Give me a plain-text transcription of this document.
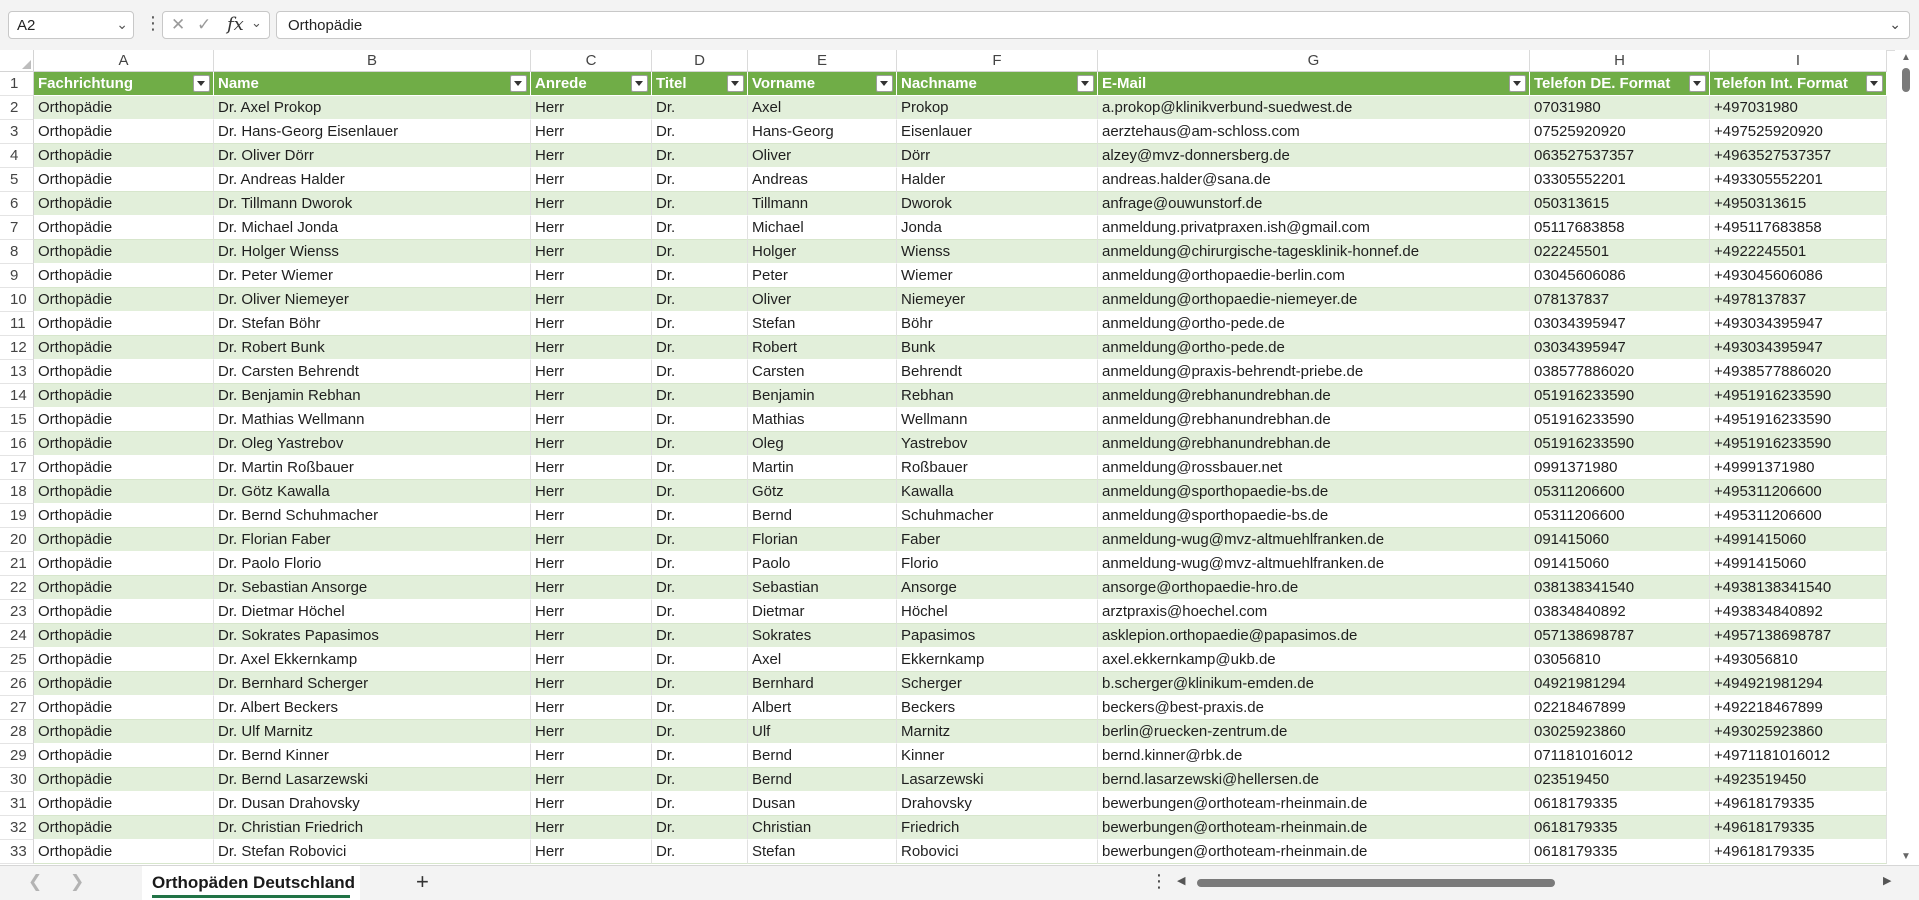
A2	⌄ ⋮ ✕ ✓ fx ⌄ Orthopädie	⌄
A	B	C	D	E	F	G	H	I
1	Fachrichtung	Name	Anrede	Titel	Vorname	Nachname	E-Mail	Telefon DE. Format	Telefon Int. Format
2	Orthopädie	Dr. Axel Prokop	Herr	Dr.	Axel	Prokop	a.prokop@klinikverbund-suedwest.de	07031980	+497031980
3	Orthopädie	Dr. Hans-Georg Eisenlauer	Herr	Dr.	Hans-Georg	Eisenlauer	aerztehaus@am-schloss.com	07525920920	+497525920920
4	Orthopädie	Dr. Oliver Dörr	Herr	Dr.	Oliver	Dörr	alzey@mvz-donnersberg.de	063527537357	+4963527537357
5	Orthopädie	Dr. Andreas Halder	Herr	Dr.	Andreas	Halder	andreas.halder@sana.de	03305552201	+493305552201
6	Orthopädie	Dr. Tillmann Dworok	Herr	Dr.	Tillmann	Dworok	anfrage@ouwunstorf.de	050313615	+4950313615
7	Orthopädie	Dr. Michael Jonda	Herr	Dr.	Michael	Jonda	anmeldung.privatpraxen.ish@gmail.com	05117683858	+495117683858
8	Orthopädie	Dr. Holger Wienss	Herr	Dr.	Holger	Wienss	anmeldung@chirurgische-tagesklinik-honnef.de	022245501	+4922245501
9	Orthopädie	Dr. Peter Wiemer	Herr	Dr.	Peter	Wiemer	anmeldung@orthopaedie-berlin.com	03045606086	+493045606086
10 Orthopädie	Dr. Oliver Niemeyer	Herr	Dr.	Oliver	Niemeyer	anmeldung@orthopaedie-niemeyer.de	078137837	+4978137837
11 Orthopädie	Dr. Stefan Böhr	Herr	Dr.	Stefan	Böhr	anmeldung@ortho-pede.de	03034395947	+493034395947
12 Orthopädie	Dr. Robert Bunk	Herr	Dr.	Robert	Bunk	anmeldung@ortho-pede.de	03034395947	+493034395947
13 Orthopädie	Dr. Carsten Behrendt	Herr	Dr.	Carsten	Behrendt	anmeldung@praxis-behrendt-priebe.de	038577886020	+4938577886020
14 Orthopädie	Dr. Benjamin Rebhan	Herr	Dr.	Benjamin	Rebhan	anmeldung@rebhanundrebhan.de	051916233590	+4951916233590
15 Orthopädie	Dr. Mathias Wellmann	Herr	Dr.	Mathias	Wellmann	anmeldung@rebhanundrebhan.de	051916233590	+4951916233590
16 Orthopädie	Dr. Oleg Yastrebov	Herr	Dr.	Oleg	Yastrebov	anmeldung@rebhanundrebhan.de	051916233590	+4951916233590
17 Orthopädie	Dr. Martin Roßbauer	Herr	Dr.	Martin	Roßbauer	anmeldung@rossbauer.net	0991371980	+49991371980
18 Orthopädie	Dr. Götz Kawalla	Herr	Dr.	Götz	Kawalla	anmeldung@sporthopaedie-bs.de	05311206600	+495311206600
19 Orthopädie	Dr. Bernd Schuhmacher	Herr	Dr.	Bernd	Schuhmacher	anmeldung@sporthopaedie-bs.de	05311206600	+495311206600
20 Orthopädie	Dr. Florian Faber	Herr	Dr.	Florian	Faber	anmeldung-wug@mvz-altmuehlfranken.de	091415060	+4991415060
21 Orthopädie	Dr. Paolo Florio	Herr	Dr.	Paolo	Florio	anmeldung-wug@mvz-altmuehlfranken.de	091415060	+4991415060
22 Orthopädie	Dr. Sebastian Ansorge	Herr	Dr.	Sebastian	Ansorge	ansorge@orthopaedie-hro.de	038138341540	+4938138341540
23 Orthopädie	Dr. Dietmar Höchel	Herr	Dr.	Dietmar	Höchel	arztpraxis@hoechel.com	03834840892	+493834840892
24 Orthopädie	Dr. Sokrates Papasimos	Herr	Dr.	Sokrates	Papasimos	asklepion.orthopaedie@papasimos.de	057138698787	+4957138698787
25 Orthopädie	Dr. Axel Ekkernkamp	Herr	Dr.	Axel	Ekkernkamp	axel.ekkernkamp@ukb.de	03056810	+493056810
26 Orthopädie	Dr. Bernhard Scherger	Herr	Dr.	Bernhard	Scherger	b.scherger@klinikum-emden.de	04921981294	+494921981294
27 Orthopädie	Dr. Albert Beckers	Herr	Dr.	Albert	Beckers	beckers@best-praxis.de	02218467899	+492218467899
28 Orthopädie	Dr. Ulf Marnitz	Herr	Dr.	Ulf	Marnitz	berlin@ruecken-zentrum.de	03025923860	+493025923860
29 Orthopädie	Dr. Bernd Kinner	Herr	Dr.	Bernd	Kinner	bernd.kinner@rbk.de	071181016012	+4971181016012
30 Orthopädie	Dr. Bernd Lasarzewski	Herr	Dr.	Bernd	Lasarzewski	bernd.lasarzewski@hellersen.de	023519450	+4923519450
31 Orthopädie	Dr. Dusan Drahovsky	Herr	Dr.	Dusan	Drahovsky	bewerbungen@orthoteam-rheinmain.de	0618179335	+49618179335
32 Orthopädie	Dr. Christian Friedrich	Herr	Dr.	Christian	Friedrich	bewerbungen@orthoteam-rheinmain.de	0618179335	+49618179335
33 Orthopädie	Dr. Stefan Robovici	Herr	Dr.	Stefan	Robovici	bewerbungen@orthoteam-rheinmain.de	0618179335	+49618179335
▲
▼
❮ ❯	Orthopäden Deutschland	+	⋮ ◀	▶
